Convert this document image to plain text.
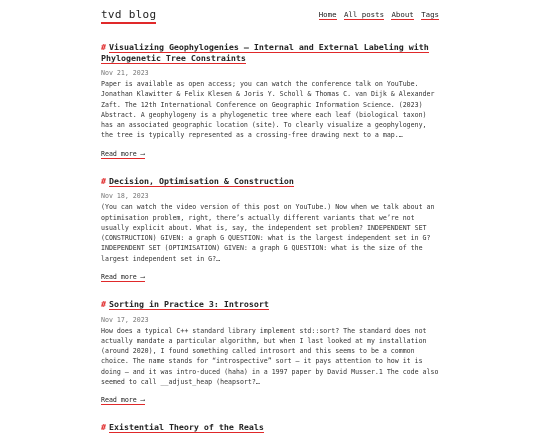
tvd blog	Home All posts About Tags
# Visualizing Geophylogenies — Internal and External Labeling with Phylogenetic Tree Constraints
Nov 21, 2023

Paper is available as open access; you can watch the conference talk on YouTube. Jonathan Klawitter & Felix Klesen & Joris Y. Scholl & Thomas C. van Dijk & Alexander Zaft. The 12th International Conference on Geographic Information Science. (2023) Abstract. A geophylogeny is a phylogenetic tree where each leaf (biological taxon) has an associated geographic location (site). To clearly visualize a geophylogeny, the tree is typically represented as a crossing-free drawing next to a map.…

Read more ⟶
# Decision, Optimisation & Construction
Nov 18, 2023

(You can watch the video version of this post on YouTube.) Now when we talk about an optimisation problem, right, there’s actually different variants that we’re not usually explicit about. What is, say, the independent set problem? INDEPENDENT SET (CONSTRUCTION) GIVEN: a graph G QUESTION: what is the largest independent set in G? INDEPENDENT SET (OPTIMISATION) GIVEN: a graph G QUESTION: what is the size of the largest independent set in G?…

Read more ⟶
# Sorting in Practice 3: Introsort
Nov 17, 2023

How does a typical C++ standard library implement std::sort? The standard does not actually mandate a particular algorithm, but when I last looked at my installation (around 2020), I found something called introsort and this seems to be a common choice. The name stands for “introspective” sort – it pays attention to how it is doing – and it was intro-duced (haha) in a 1997 paper by David Musser.1 The code also seemed to call __adjust_heap (heapsort?…

Read more ⟶
# Existential Theory of the Reals
